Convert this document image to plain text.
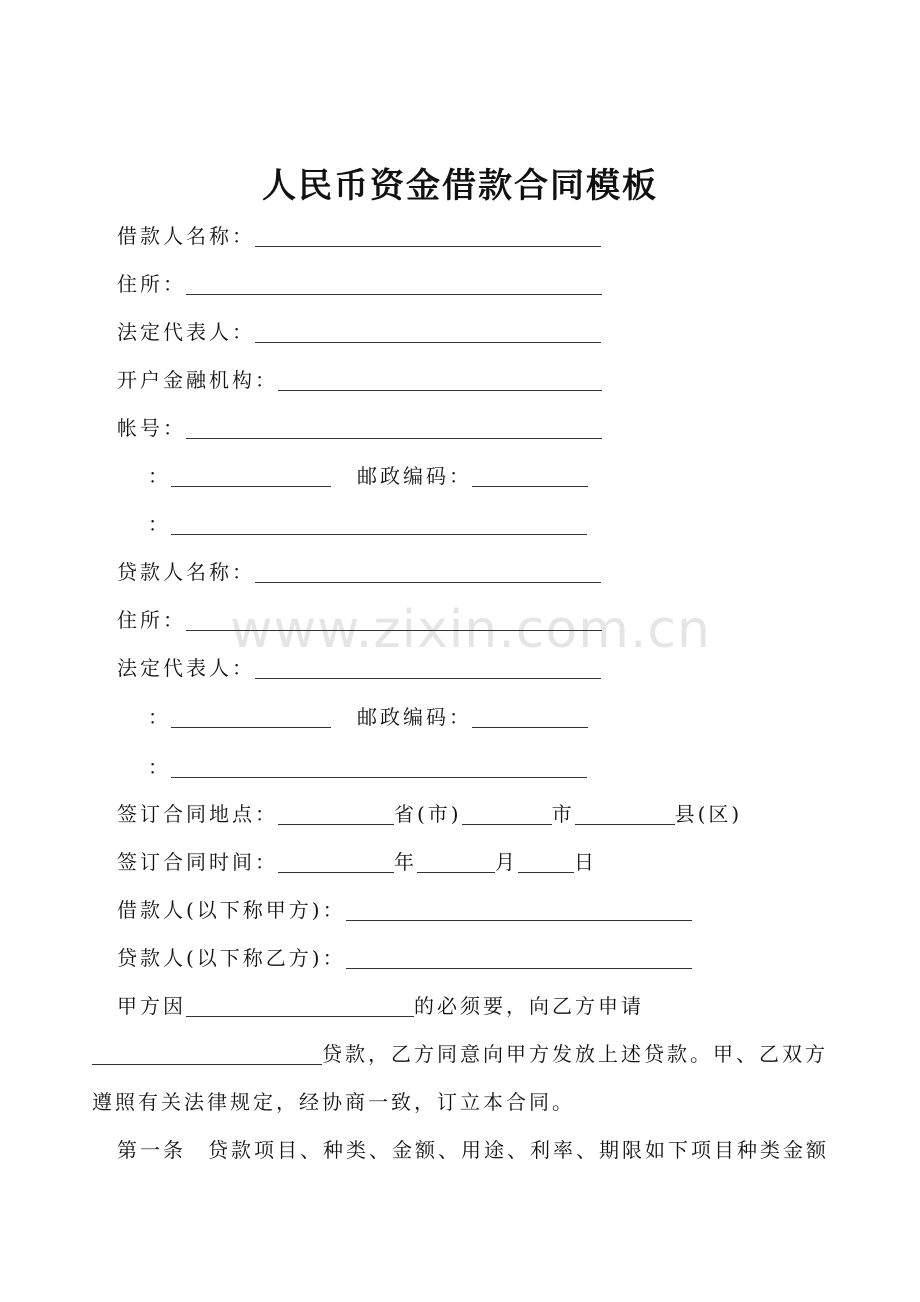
人民币资金借款合同模板
www.zixin.com.cn
借款人名称：
住所：
法定代表人：
开户金融机构：
帐号：
：	邮政编码：
：
贷款人名称：
住所：
法定代表人：
：	邮政编码：
：
签订合同地点：	省(市)	市	县(区)
签订合同时间：	年	月	日
借款人(以下称甲方)：
贷款人(以下称乙方)：
甲方因	的必须要，向乙方申请
贷款，乙方同意向甲方发放上述贷款。甲、乙双方
遵照有关法律规定，经协商一致，订立本合同。
第一条 贷款项目、种类、金额、用途、利率、期限如下项目种类金额
